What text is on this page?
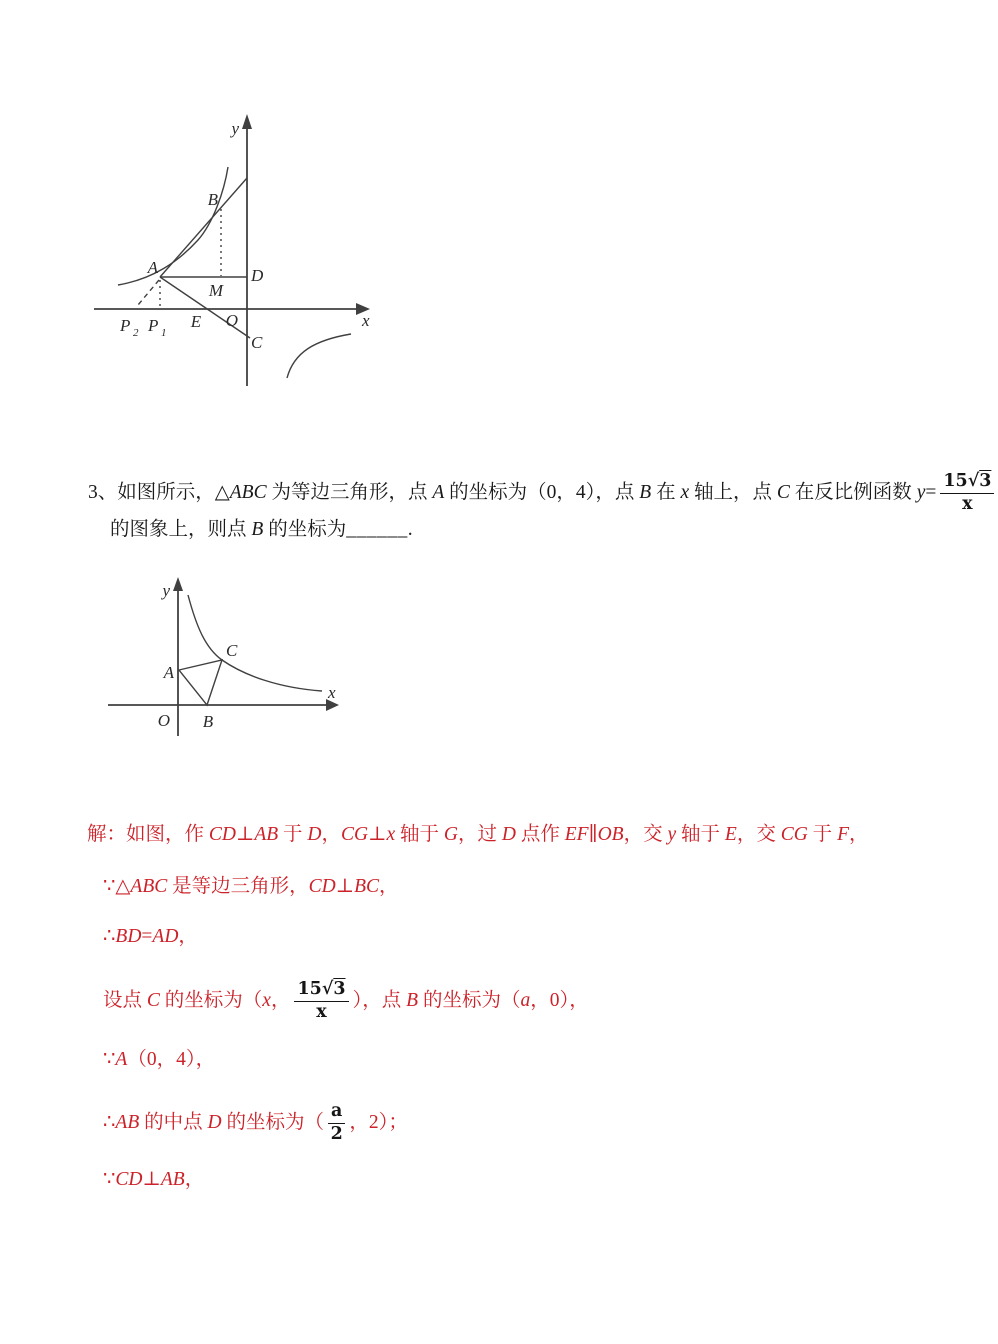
y
x
O
B
A	D
M
E
C
P 2 P 1
3、如图所示，△ABC 为等边三角形，点 A 的坐标为（0，4），点 B 在 x 轴上，点 C 在反比例函数 $y= \frac{15√3}{x}$
的图象上，则点 B 的坐标为 ______ .
y
x
O
A
B
C
解：如图，作 CD⊥AB 于 D，CG⊥x 轴于 G，过 D 点作 EF∥OB，交 y 轴于 E，交 CG 于 F，
∵△ABC 是等边三角形，CD⊥BC，
∴BD=AD，
设点 C 的坐标为（x， $\frac{15√3}{x}$ ），点 B 的坐标为（a，0），
∵A（0，4），
∴AB 的中点 D 的坐标为（ $\frac{a}{2}$ ，2）；
∵CD⊥AB，
